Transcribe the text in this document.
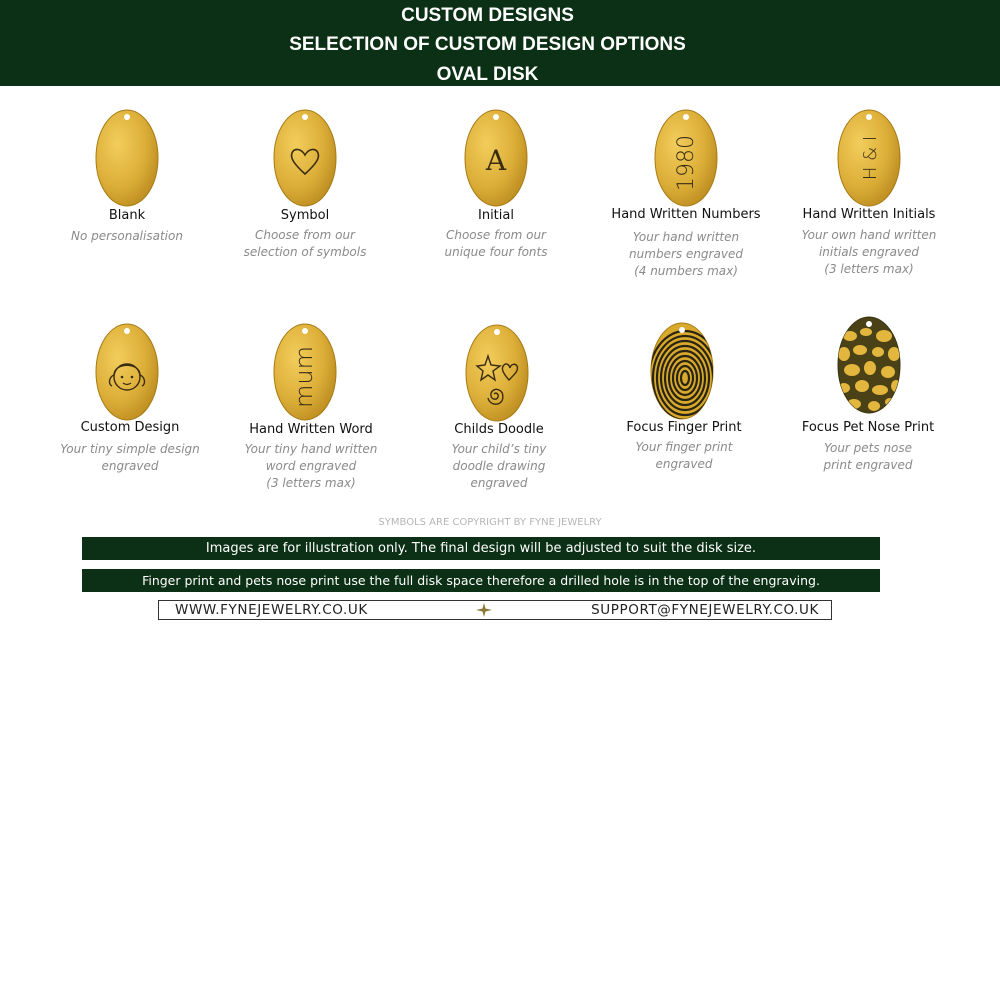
CUSTOM DESIGNS
SELECTION OF CUSTOM DESIGN OPTIONS
OVAL DISK
Blank
No personalisation
Symbol
Choose from our
selection of symbols
A
Initial
Choose from our
unique four fonts
1980
Hand Written Numbers
Your hand written
numbers engraved
(4 numbers max)
H & I
Hand Written Initials
Your own hand written
initials engraved
(3 letters max)
Custom Design
Your tiny simple design
engraved
mum
Hand Written Word
Your tiny hand written
word engraved
(3 letters max)
Childs Doodle
Your child’s tiny
doodle drawing
engraved
Focus Finger Print
Your finger print
engraved
Focus Pet Nose Print
Your pets nose
print engraved
SYMBOLS ARE COPYRIGHT BY FYNE JEWELRY
Images are for illustration only. The final design will be adjusted to suit the disk size.
Finger print and pets nose print use the full disk space therefore a drilled hole is in the top of the engraving.
WWW.FYNEJEWELRY.CO.UK	SUPPORT@FYNEJEWELRY.CO.UK
